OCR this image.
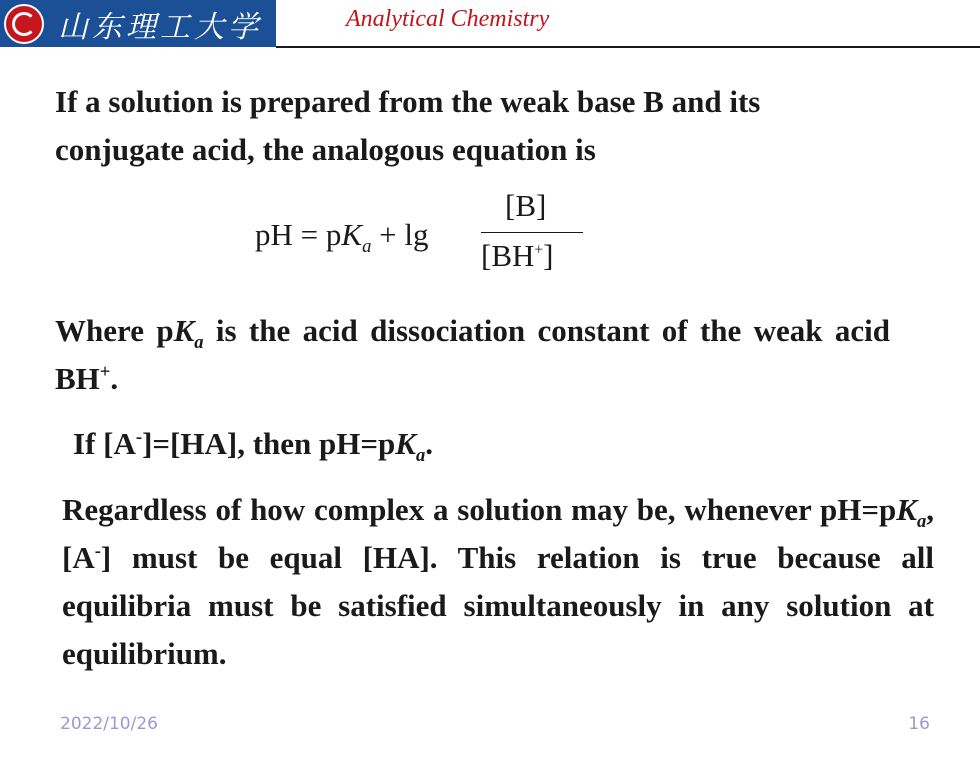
山东理工大学	Analytical Chemistry

If a solution is prepared from the weak base B and its conjugate acid, the analogous equation is

pH = $pK_a + \lg$
[B]
[BH+]

Where $pK_a$ is the acid dissociation constant of the weak acid BH+.

If [A-]=[HA], then $pH=pK_a$.

Regardless of how complex a solution may be, whenever $pH=pK_a$, [A-] must be equal [HA]. This relation is true because all equilibria must be satisfied simultaneously in any solution at equilibrium.

2022/10/26	16
